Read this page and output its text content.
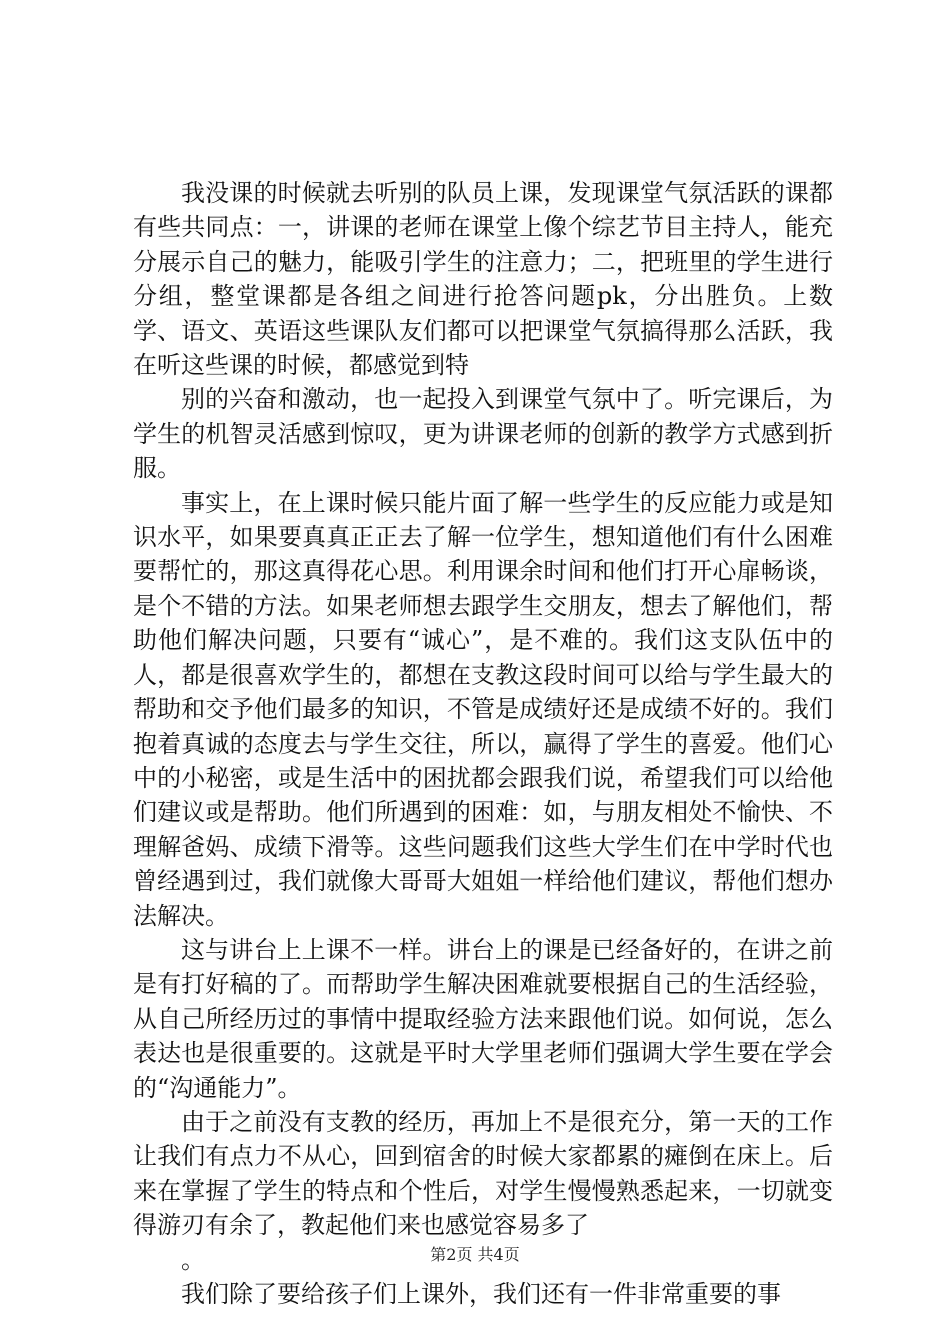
我没课的时候就去听别的队员上课，发现课堂气氛活跃的课都有些共同点：一，讲课的老师在课堂上像个综艺节目主持人，能充分展示自己的魅力，能吸引学生的注意力；二，把班里的学生进行分组，整堂课都是各组之间进行抢答问题pk，分出胜负。上数学、语文、英语这些课队友们都可以把课堂气氛搞得那么活跃，我在听这些课的时候，都感觉到特

别的兴奋和激动，也一起投入到课堂气氛中了。听完课后，为学生的机智灵活感到惊叹，更为讲课老师的创新的教学方式感到折服。

事实上，在上课时候只能片面了解一些学生的反应能力或是知识水平，如果要真真正正去了解一位学生，想知道他们有什么困难要帮忙的，那这真得花心思。利用课余时间和他们打开心扉畅谈，是个不错的方法。如果老师想去跟学生交朋友，想去了解他们，帮助他们解决问题，只要有“诚心”，是不难的。我们这支队伍中的人，都是很喜欢学生的，都想在支教这段时间可以给与学生最大的帮助和交予他们最多的知识，不管是成绩好还是成绩不好的。我们抱着真诚的态度去与学生交往，所以，赢得了学生的喜爱。他们心中的小秘密，或是生活中的困扰都会跟我们说，希望我们可以给他们建议或是帮助。他们所遇到的困难：如，与朋友相处不愉快、不理解爸妈、成绩下滑等。这些问题我们这些大学生们在中学时代也曾经遇到过，我们就像大哥哥大姐姐一样给他们建议，帮他们想办法解决。

这与讲台上上课不一样。讲台上的课是已经备好的，在讲之前是有打好稿的了。而帮助学生解决困难就要根据自己的生活经验，从自己所经历过的事情中提取经验方法来跟他们说。如何说，怎么表达也是很重要的。这就是平时大学里老师们强调大学生要在学会的“沟通能力”。

由于之前没有支教的经历，再加上不是很充分，第一天的工作让我们有点力不从心，回到宿舍的时候大家都累的瘫倒在床上。后来在掌握了学生的特点和个性后，对学生慢慢熟悉起来，一切就变得游刃有余了，教起他们来也感觉容易多了

。

我们除了要给孩子们上课外，我们还有一件非常重要的事

第2页 共4页
